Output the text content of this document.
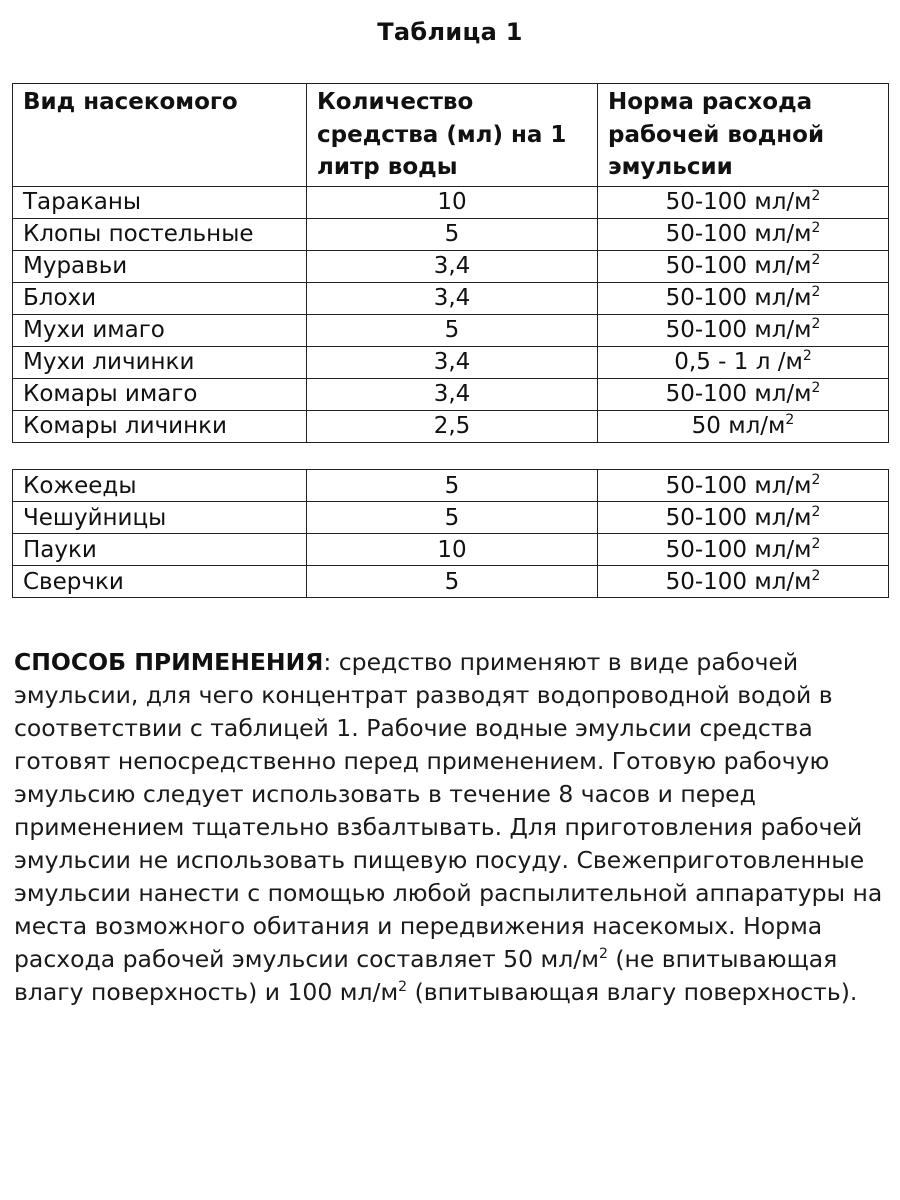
Таблица 1
Вид насекомого	Количество средства (мл) на 1 литр воды	Норма расхода рабочей водной эмульсии
Тараканы	10	50-100 $мл/м^2$
Клопы постельные	5	50-100 $мл/м^2$
Муравьи	3,4	50-100 $мл/м^2$
Блохи	3,4	50-100 $мл/м^2$
Мухи имаго	5	50-100 $мл/м^2$
Мухи личинки	3,4	0,5 - 1 л $/м^2$
Комары имаго	3,4	50-100 $мл/м^2$
Комары личинки	2,5	50 $мл/м^2$
Кожееды	5	50-100 $мл/м^2$
Чешуйницы	5	50-100 $мл/м^2$
Пауки	10	50-100 $мл/м^2$
Сверчки	5	50-100 $мл/м^2$

СПОСОБ ПРИМЕНЕНИЯ: средство применяют в виде рабочей эмульсии, для чего концентрат разводят водопроводной водой в соответствии с таблицей 1. Рабочие водные эмульсии средства готовят непосредственно перед применением. Готовую рабочую эмульсию следует использовать в течение 8 часов и перед применением тщательно взбалтывать. Для приготовления рабочей эмульсии не использовать пищевую посуду. Свежеприготовленные эмульсии нанести с помощью любой распылительной аппаратуры на места возможного обитания и передвижения насекомых. Норма расхода рабочей эмульсии составляет 50 $мл/м^2$ (не впитывающая влагу поверхность) и 100 $мл/м^2$ (впитывающая влагу поверхность).
